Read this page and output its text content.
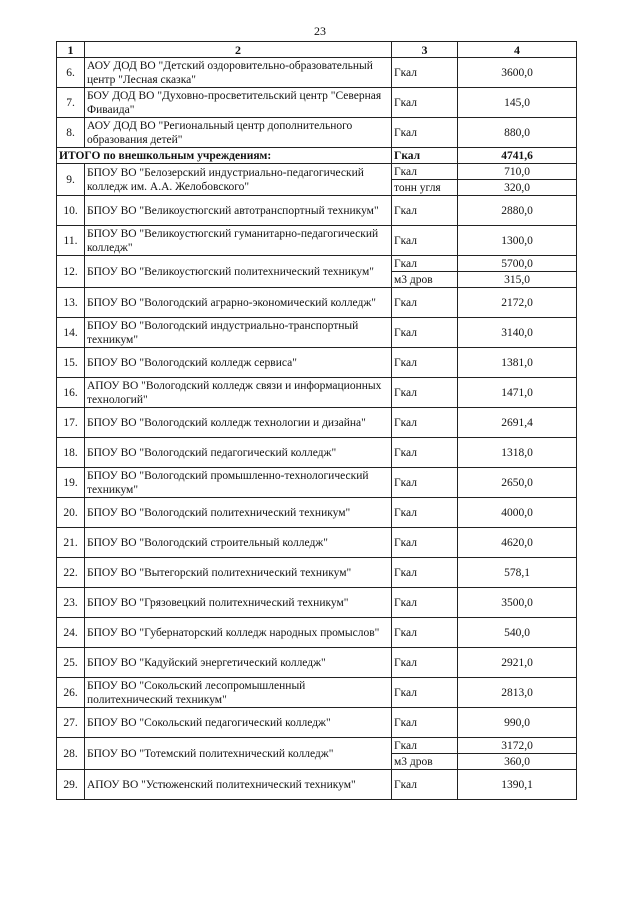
23
1	2	3	4
6.	АОУ ДОД ВО "Детский оздоровительно-образовательный центр "Лесная сказка"	Гкал	3600,0
7.	БОУ ДОД ВО "Духовно-просветительский центр "Северная Фиваида"	Гкал	145,0
8.	АОУ ДОД ВО "Региональный центр дополнительного образования детей"	Гкал	880,0
ИТОГО по внешкольным учреждениям:		Гкал	4741,6
9.	БПОУ ВО "Белозерский индустриально-педагогический колледж им. А.А. Желобовского"	Гкал	710,0
		тонн угля	320,0
10.	БПОУ ВО "Великоустюгский автотранспортный техникум"	Гкал	2880,0
11.	БПОУ ВО "Великоустюгский гуманитарно-педагогический колледж"	Гкал	1300,0
12.	БПОУ ВО "Великоустюгский политехнический техникум"	Гкал	5700,0
		м3 дров	315,0
13.	БПОУ ВО "Вологодский аграрно-экономический колледж"	Гкал	2172,0
14.	БПОУ ВО "Вологодский индустриально-транспортный техникум"	Гкал	3140,0
15.	БПОУ ВО "Вологодский колледж сервиса"	Гкал	1381,0
16.	АПОУ ВО "Вологодский колледж связи и информационных технологий"	Гкал	1471,0
17.	БПОУ ВО "Вологодский колледж технологии и дизайна"	Гкал	2691,4
18.	БПОУ ВО "Вологодский педагогический колледж"	Гкал	1318,0
19.	БПОУ ВО "Вологодский промышленно-технологический техникум"	Гкал	2650,0
20.	БПОУ ВО "Вологодский политехнический техникум"	Гкал	4000,0
21.	БПОУ ВО "Вологодский строительный колледж"	Гкал	4620,0
22.	БПОУ ВО "Вытегорский политехнический техникум"	Гкал	578,1
23.	БПОУ ВО "Грязовецкий политехнический техникум"	Гкал	3500,0
24.	БПОУ ВО "Губернаторский колледж народных промыслов"	Гкал	540,0
25.	БПОУ ВО "Кадуйский энергетический колледж"	Гкал	2921,0
26.	БПОУ ВО "Сокольский лесопромышленный политехнический техникум"	Гкал	2813,0
27.	БПОУ ВО "Сокольский педагогический колледж"	Гкал	990,0
28.	БПОУ ВО "Тотемский политехнический колледж"	Гкал	3172,0
		м3 дров	360,0
29.	АПОУ ВО "Устюженский политехнический техникум"	Гкал	1390,1
